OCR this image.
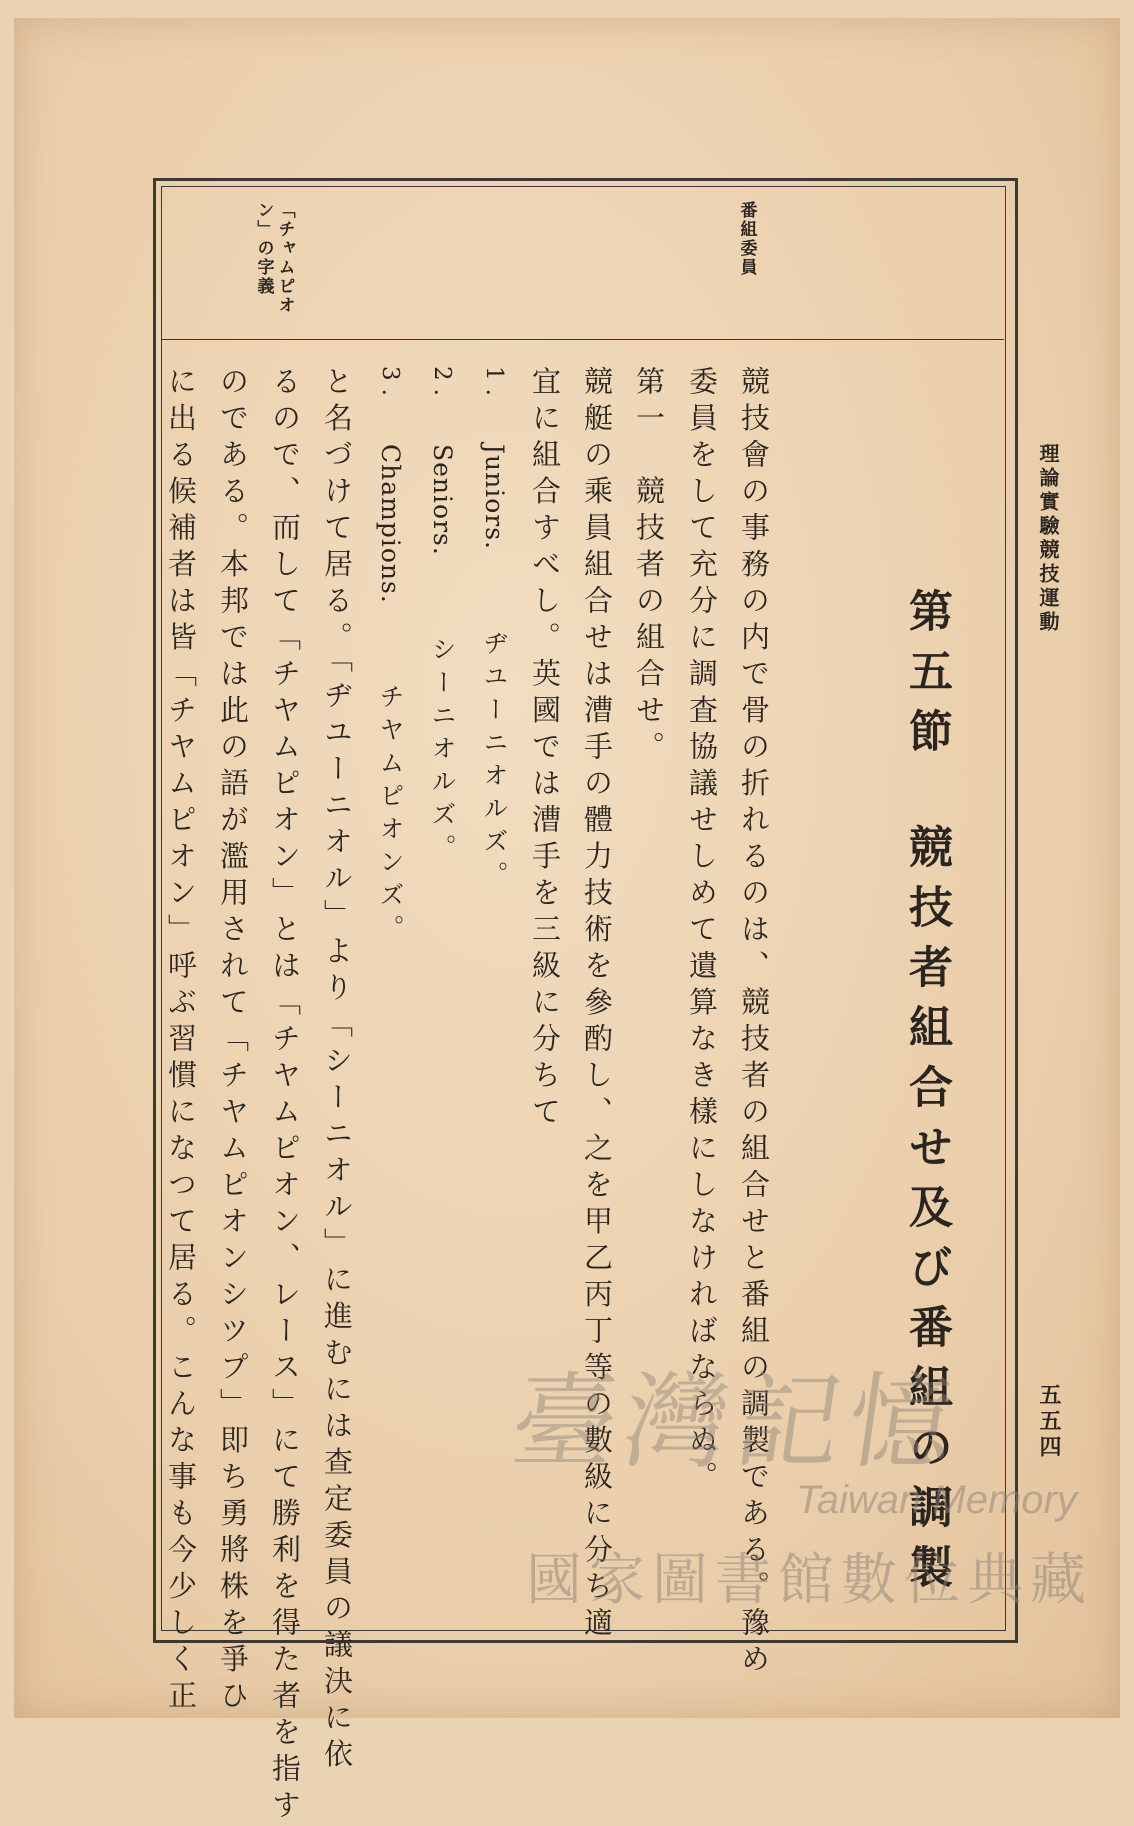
理論實驗競技運動
五五四
番組委員
「チャムピオ
ン」の字義
第五節競技者組合せ及び番組の調製
競技會の事務の内で骨の折れるのは、競技者の組合せと番組の調製である。豫め
委員をして充分に調査協議せしめて遺算なき樣にしなければならぬ。
第一　競技者の組合せ。
競艇の乘員組合せは漕手の體力技術を參酌し、之を甲乙丙丁等の數級に分ち適
宜に組合すべし。英國では漕手を三級に分ちて
1.Juniors.ヂユーニオルズ。
2.Seniors.シーニオルズ。
3.Champions.チヤムピオンズ。
と名づけて居る。「ヂユーニオル」より「シーニオル」に進むには查定委員の議決に依
るので、而して「チヤムピオン」とは「チヤムピオン、レース」にて勝利を得た者を指す
のである。本邦では此の語が濫用されて「チヤムピオンシツプ」即ち勇將株を爭ひ
に出る候補者は皆「チヤムピオン」呼ぶ習慣になつて居る。こんな事も今少しく正	臺灣記憶
Taiwan Memory
國家圖書館數位典藏
